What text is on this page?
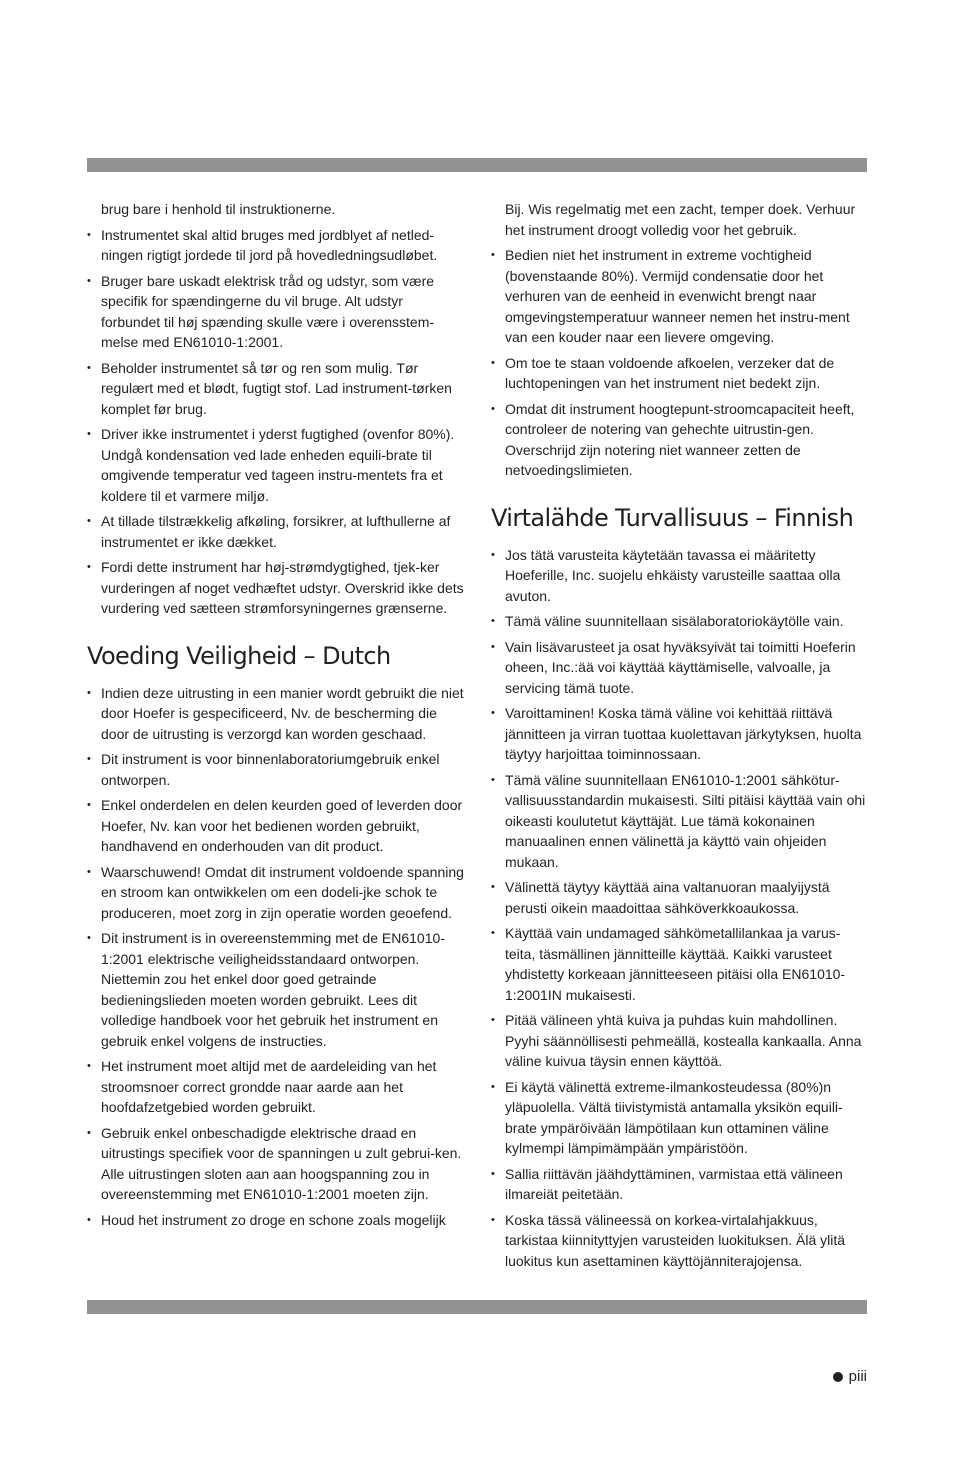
brug bare i henhold til instruktionerne.

• Instrumentet skal altid bruges med jordblyet af netled-ningen rigtigt jordede til jord på hovedledningsudløbet.
• Bruger bare uskadt elektrisk tråd og udstyr, som være specifik for spændingerne du vil bruge. Alt udstyr forbundet til høj spænding skulle være i overensstem-melse med EN61010-1:2001.
• Beholder instrumentet så tør og ren som mulig. Tør regulært med et blødt, fugtigt stof. Lad instrument-tørken komplet før brug.
• Driver ikke instrumentet i yderst fugtighed (ovenfor 80%). Undgå kondensation ved lade enheden equili-brate til omgivende temperatur ved tageen instru-mentets fra et koldere til et varmere miljø.
• At tillade tilstrækkelig afkøling, forsikrer, at lufthullerne af instrumentet er ikke dækket.
• Fordi dette instrument har høj-strømdygtighed, tjek-ker vurderingen af noget vedhæftet udstyr. Overskrid ikke dets vurdering ved sætteen strømforsyningernes grænserne.
Voeding Veiligheid – Dutch
• Indien deze uitrusting in een manier wordt gebruikt die niet door Hoefer is gespecificeerd, Nv. de bescherming die door de uitrusting is verzorgd kan worden geschaad.
• Dit instrument is voor binnenlaboratoriumgebruik enkel ontworpen.
• Enkel onderdelen en delen keurden goed of leverden door Hoefer, Nv. kan voor het bedienen worden gebruikt, handhavend en onderhouden van dit product.
• Waarschuwend! Omdat dit instrument voldoende spanning en stroom kan ontwikkelen om een dodeli-jke schok te produceren, moet zorg in zijn operatie worden geoefend.
• Dit instrument is in overeenstemming met de EN61010-1:2001 elektrische veiligheidsstandaard ontworpen. Niettemin zou het enkel door goed getrainde bedieningslieden moeten worden gebruikt. Lees dit volledige handboek voor het gebruik het instrument en gebruik enkel volgens de instructies.
• Het instrument moet altijd met de aardeleiding van het stroomsnoer correct grondde naar aarde aan het hoofdafzetgebied worden gebruikt.
• Gebruik enkel onbeschadigde elektrische draad en uitrustings specifiek voor de spanningen u zult gebrui-ken. Alle uitrustingen sloten aan aan hoogspanning zou in overeenstemming met EN61010-1:2001 moeten zijn.
• Houd het instrument zo droge en schone zoals mogelijk

Bij. Wis regelmatig met een zacht, temper doek. Verhuur het instrument droogt volledig voor het gebruik.

• Bedien niet het instrument in extreme vochtigheid (bovenstaande 80%). Vermijd condensatie door het verhuren van de eenheid in evenwicht brengt naar omgevingstemperatuur wanneer nemen het instru-ment van een kouder naar een lievere omgeving.
• Om toe te staan voldoende afkoelen, verzeker dat de luchtopeningen van het instrument niet bedekt zijn.
• Omdat dit instrument hoogtepunt-stroomcapaciteit heeft, controleer de notering van gehechte uitrustin-gen. Overschrijd zijn notering niet wanneer zetten de netvoedingslimieten.
Virtalähde Turvallisuus – Finnish
• Jos tätä varusteita käytetään tavassa ei määritetty Hoeferille, Inc. suojelu ehkäisty varusteille saattaa olla avuton.
• Tämä väline suunnitellaan sisälaboratoriokäytölle vain.
• Vain lisävarusteet ja osat hyväksyivät tai toimitti Hoeferin oheen, Inc.:ää voi käyttää käyttämiselle, valvoalle, ja servicing tämä tuote.
• Varoittaminen! Koska tämä väline voi kehittää riittävä jännitteen ja virran tuottaa kuolettavan järkytyksen, huolta täytyy harjoittaa toiminnossaan.
• Tämä väline suunnitellaan EN61010-1:2001 sähkötur-vallisuusstandardin mukaisesti. Silti pitäisi käyttää vain ohi oikeasti koulutetut käyttäjät. Lue tämä kokonainen manuaalinen ennen välinettä ja käyttö vain ohjeiden mukaan.
• Välinettä täytyy käyttää aina valtanuoran maalyijystä perusti oikein maadoittaa sähköverkkoaukossa.
• Käyttää vain undamaged sähkömetallilankaa ja varus-teita, täsmällinen jännitteille käyttää. Kaikki varusteet yhdistetty korkeaan jännitteeseen pitäisi olla EN61010-1:2001IN mukaisesti.
• Pitää välineen yhtä kuiva ja puhdas kuin mahdollinen. Pyyhi säännöllisesti pehmeällä, kostealla kankaalla. Anna väline kuivua täysin ennen käyttöä.
• Ei käytä välinettä extreme-ilmankosteudessa (80%)n yläpuolella. Vältä tiivistymistä antamalla yksikön equili-brate ympäröivään lämpötilaan kun ottaminen väline kylmempi lämpimämpään ympäristöön.
• Sallia riittävän jäähdyttäminen, varmistaa että välineen ilmareiät peitetään.
• Koska tässä välineessä on korkea-virtalahjakkuus, tarkistaa kiinnityttyjen varusteiden luokituksen. Älä ylitä luokitus kun asettaminen käyttöjänniterajojensa.
piii
